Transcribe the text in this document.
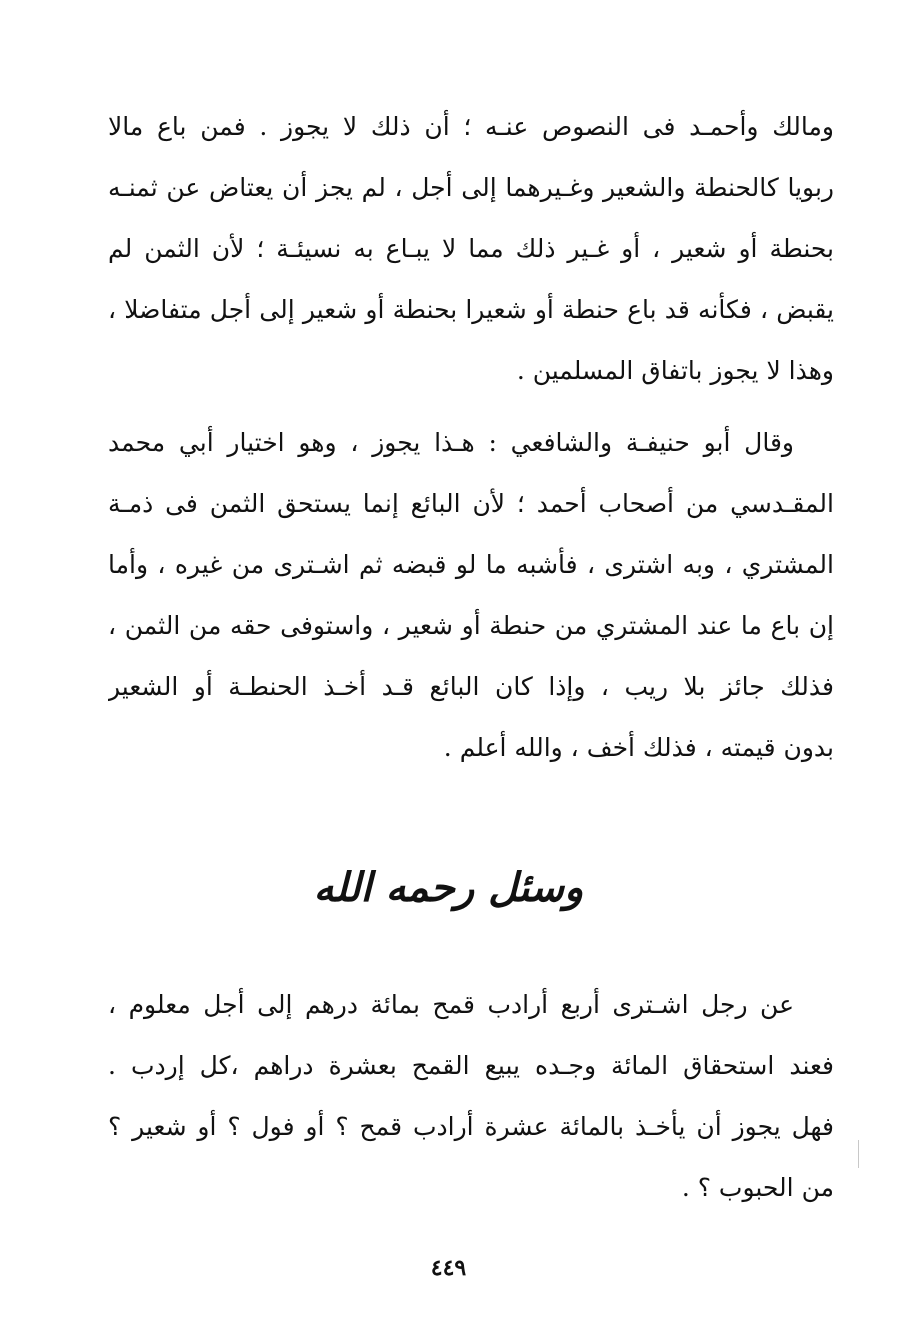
ومالك وأحمـد فى النصوص عنـه ؛ أن ذلك لا يجوز . فمن باع مالا
ربويا كالحنطة والشعير وغـيرهما إلى أجل ، لم يجز أن يعتاض عن ثمنـه
بحنطة أو شعير ، أو غـير ذلك مما لا يبـاع به نسيئـة ؛ لأن الثمن لم
يقبض ، فكأنه قد باع حنطة أو شعيرا بحنطة أو شعير إلى أجل متفاضلا ،
وهذا لا يجوز باتفاق المسلمين .
وقال أبو حنيفـة والشافعي : هـذا يجوز ، وهو اختيار أبي محمد
المقـدسي من أصحاب أحمد ؛ لأن البائع إنما يستحق الثمن فى ذمـة
المشتري ، وبه اشترى ، فأشبه ما لو قبضه ثم اشـترى من غيره ، وأما
إن باع ما عند المشتري من حنطة أو شعير ، واستوفى حقه من الثمن ،
فذلك جائز بلا ريب ، وإذا كان البائع قـد أخـذ الحنطـة أو الشعير
بدون قيمته ، فذلك أخف ، والله أعلم .
وسئل رحمه الله
عن رجل اشـترى أربع أرادب قمح بمائة درهم إلى أجل معلوم ،
فعند استحقاق المائة وجـده يبيع القمح بعشرة دراهم ،كل إردب .
فهل يجوز أن يأخـذ بالمائة عشرة أرادب قمح ؟ أو فول ؟ أو شعير ؟
من الحبوب ؟ .
٤٤٩
